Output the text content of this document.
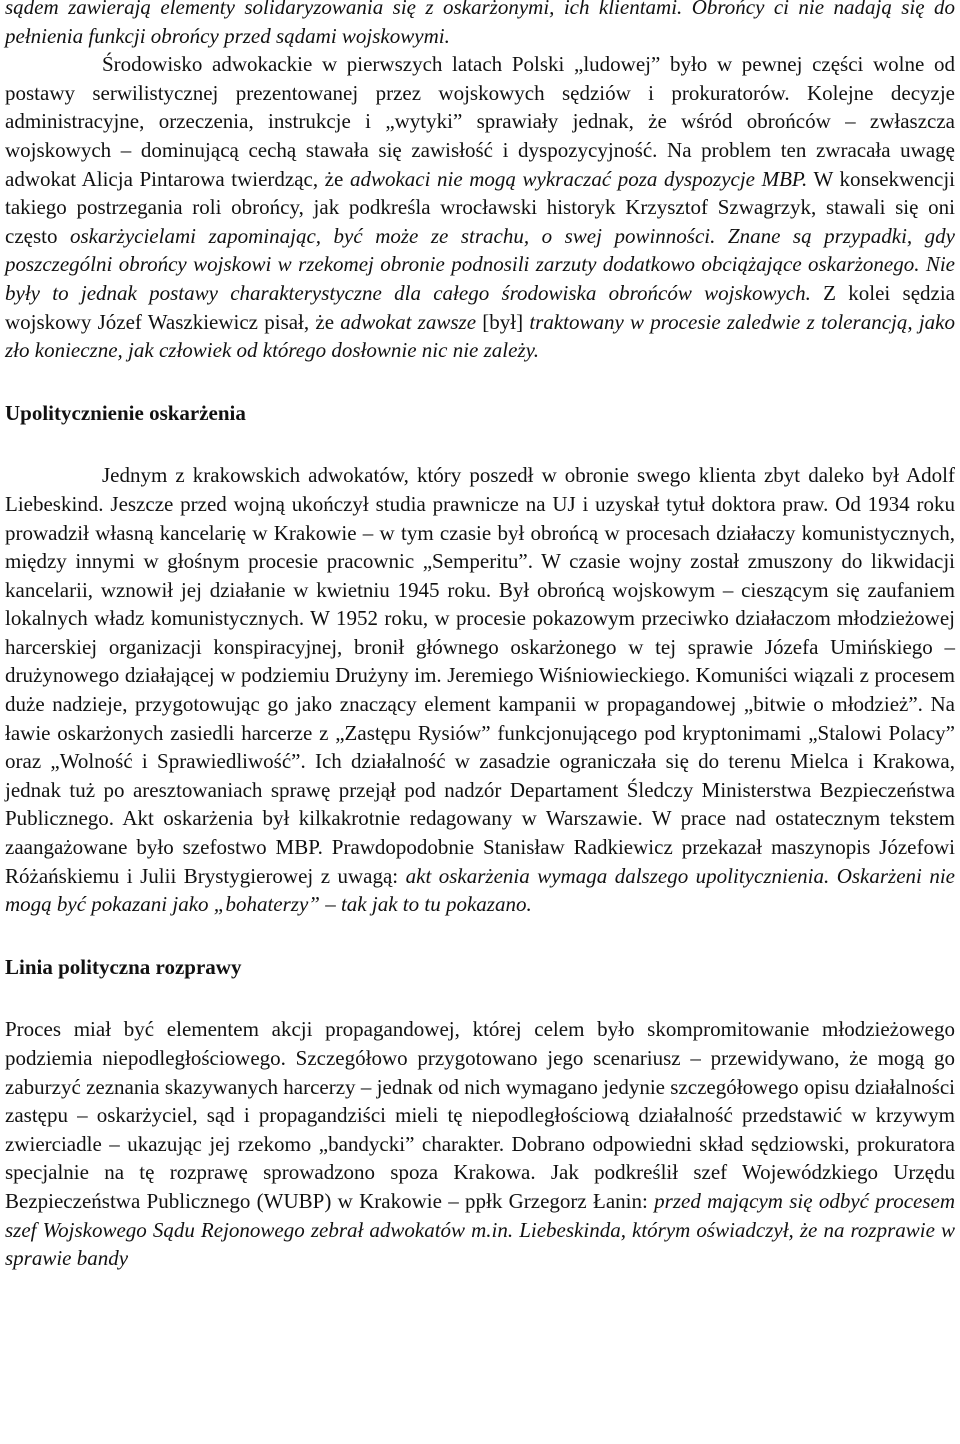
sądem zawierają elementy solidaryzowania się z oskarżonymi, ich klientami. Obrońcy ci nie nadają się do pełnienia funkcji obrońcy przed sądami wojskowymi.

Środowisko adwokackie w pierwszych latach Polski „ludowej” było w pewnej części wolne od postawy serwilistycznej prezentowanej przez wojskowych sędziów i prokuratorów. Kolejne decyzje administracyjne, orzeczenia, instrukcje i „wytyki” sprawiały jednak, że wśród obrońców – zwłaszcza wojskowych – dominującą cechą stawała się zawisłość i dyspozycyjność. Na problem ten zwracała uwagę adwokat Alicja Pintarowa twierdząc, że adwokaci nie mogą wykraczać poza dyspozycje MBP. W konsekwencji takiego postrzegania roli obrońcy, jak podkreśla wrocławski historyk Krzysztof Szwagrzyk, stawali się oni często oskarżycielami zapominając, być może ze strachu, o swej powinności. Znane są przypadki, gdy poszczególni obrońcy wojskowi w rzekomej obronie podnosili zarzuty dodatkowo obciążające oskarżonego. Nie były to jednak postawy charakterystyczne dla całego środowiska obrońców wojskowych. Z kolei sędzia wojskowy Józef Waszkiewicz pisał, że adwokat zawsze [był] traktowany w procesie zaledwie z tolerancją, jako zło konieczne, jak człowiek od którego dosłownie nic nie zależy.

Upolitycznienie oskarżenia

Jednym z krakowskich adwokatów, który poszedł w obronie swego klienta zbyt daleko był Adolf Liebeskind. Jeszcze przed wojną ukończył studia prawnicze na UJ i uzyskał tytuł doktora praw. Od 1934 roku prowadził własną kancelarię w Krakowie – w tym czasie był obrońcą w procesach działaczy komunistycznych, między innymi w głośnym procesie pracownic „Semperitu”. W czasie wojny został zmuszony do likwidacji kancelarii, wznowił jej działanie w kwietniu 1945 roku. Był obrońcą wojskowym – cieszącym się zaufaniem lokalnych władz komunistycznych. W 1952 roku, w procesie pokazowym przeciwko działaczom młodzieżowej harcerskiej organizacji konspiracyjnej, bronił głównego oskarżonego w tej sprawie Józefa Umińskiego – drużynowego działającej w podziemiu Drużyny im. Jeremiego Wiśniowieckiego. Komuniści wiązali z procesem duże nadzieje, przygotowując go jako znaczący element kampanii w propagandowej „bitwie o młodzież”. Na ławie oskarżonych zasiedli harcerze z „Zastępu Rysiów” funkcjonującego pod kryptonimami „Stalowi Polacy” oraz „Wolność i Sprawiedliwość”. Ich działalność w zasadzie ograniczała się do terenu Mielca i Krakowa, jednak tuż po aresztowaniach sprawę przejął pod nadzór Departament Śledczy Ministerstwa Bezpieczeństwa Publicznego. Akt oskarżenia był kilkakrotnie redagowany w Warszawie. W prace nad ostatecznym tekstem zaangażowane było szefostwo MBP. Prawdopodobnie Stanisław Radkiewicz przekazał maszynopis Józefowi Różańskiemu i Julii Brystygierowej z uwagą: akt oskarżenia wymaga dalszego upolitycznienia. Oskarżeni nie mogą być pokazani jako „bohaterzy” – tak jak to tu pokazano.

Linia polityczna rozprawy

Proces miał być elementem akcji propagandowej, której celem było skompromitowanie młodzieżowego podziemia niepodległościowego. Szczegółowo przygotowano jego scenariusz – przewidywano, że mogą go zaburzyć zeznania skazywanych harcerzy – jednak od nich wymagano jedynie szczegółowego opisu działalności zastępu – oskarżyciel, sąd i propagandziści mieli tę niepodległościową działalność przedstawić w krzywym zwierciadle – ukazując jej rzekomo „bandycki” charakter. Dobrano odpowiedni skład sędziowski, prokuratora specjalnie na tę rozprawę sprowadzono spoza Krakowa. Jak podkreślił szef Wojewódzkiego Urzędu Bezpieczeństwa Publicznego (WUBP) w Krakowie – ppłk Grzegorz Łanin: przed mającym się odbyć procesem szef Wojskowego Sądu Rejonowego zebrał adwokatów m.in. Liebeskinda, którym oświadczył, że na rozprawie w sprawie bandy
